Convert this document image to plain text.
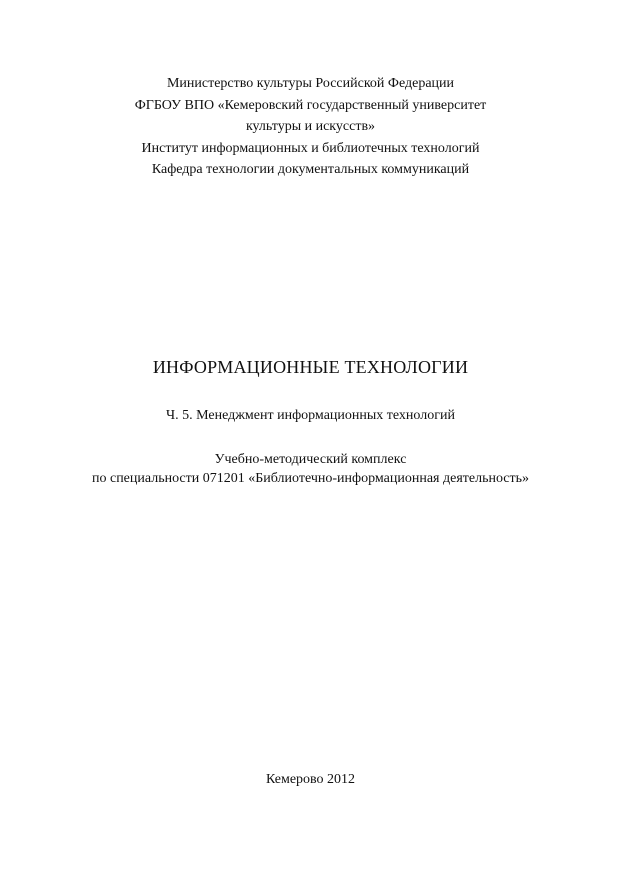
Министерство культуры Российской Федерации
ФГБОУ ВПО «Кемеровский государственный университет
культуры и искусств»
Институт информационных и библиотечных технологий
Кафедра технологии документальных коммуникаций
ИНФОРМАЦИОННЫЕ ТЕХНОЛОГИИ
Ч. 5. Менеджмент информационных технологий
Учебно-методический комплекс
по специальности 071201 «Библиотечно-информационная деятельность»
Кемерово 2012
